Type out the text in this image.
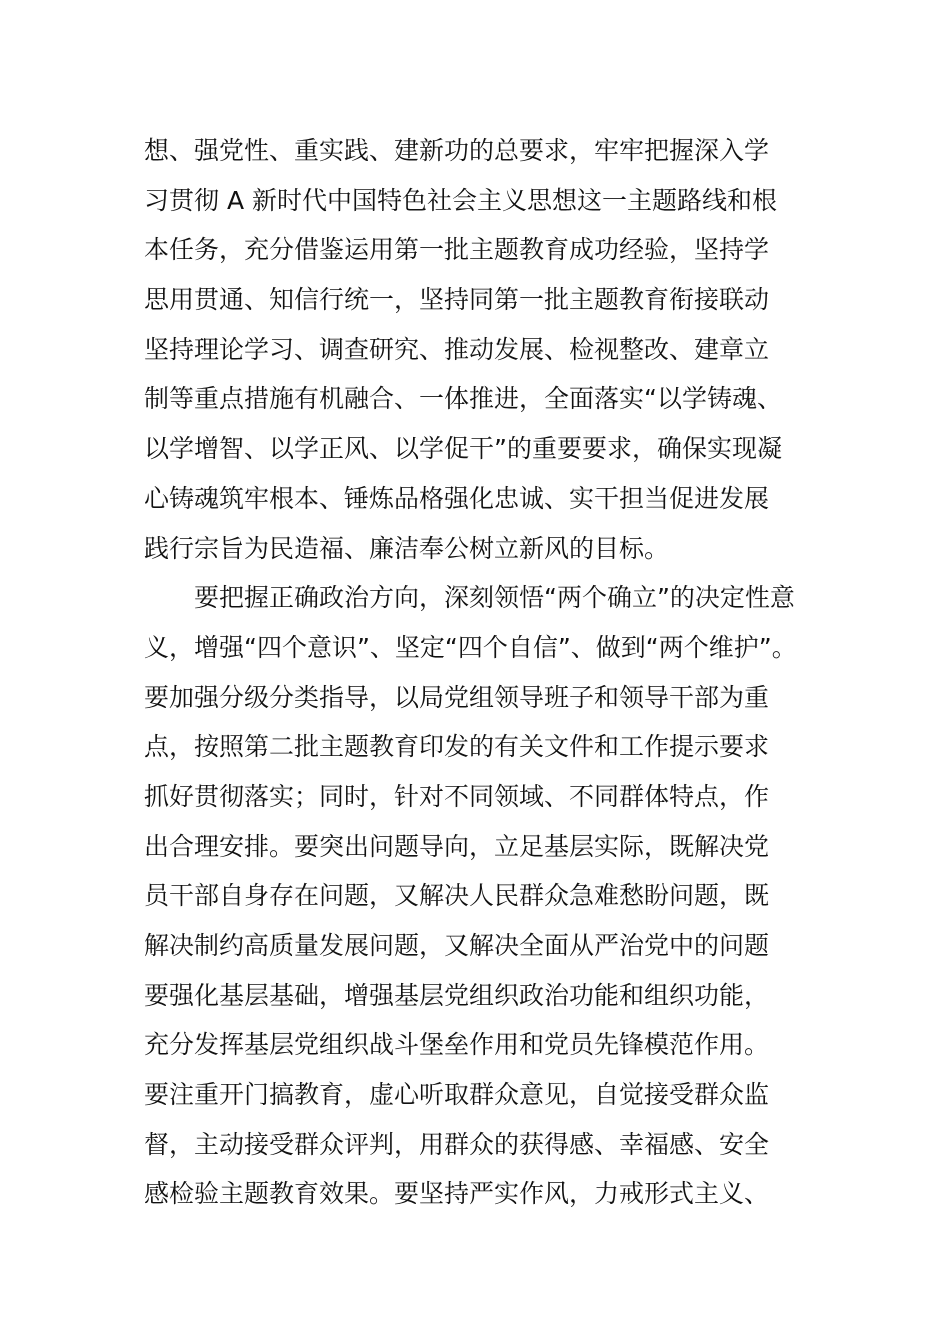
想、强党性、重实践、建新功的总要求，牢牢把握深入学
习贯彻 A 新时代中国特色社会主义思想这一主题路线和根
本任务，充分借鉴运用第一批主题教育成功经验，坚持学
思用贯通、知信行统一，坚持同第一批主题教育衔接联动
坚持理论学习、调查研究、推动发展、检视整改、建章立
制等重点措施有机融合、一体推进，全面落实“以学铸魂、
以学增智、以学正风、以学促干”的重要要求，确保实现凝
心铸魂筑牢根本、锤炼品格强化忠诚、实干担当促进发展
践行宗旨为民造福、廉洁奉公树立新风的目标。
要把握正确政治方向，深刻领悟“两个确立”的决定性意
义，增强“四个意识”、坚定“四个自信”、做到“两个维护”。
要加强分级分类指导，以局党组领导班子和领导干部为重
点，按照第二批主题教育印发的有关文件和工作提示要求
抓好贯彻落实；同时，针对不同领域、不同群体特点，作
出合理安排。要突出问题导向，立足基层实际，既解决党
员干部自身存在问题，又解决人民群众急难愁盼问题，既
解决制约高质量发展问题，又解决全面从严治党中的问题
要强化基层基础，增强基层党组织政治功能和组织功能，
充分发挥基层党组织战斗堡垒作用和党员先锋模范作用。
要注重开门搞教育，虚心听取群众意见，自觉接受群众监
督，主动接受群众评判，用群众的获得感、幸福感、安全
感检验主题教育效果。要坚持严实作风，力戒形式主义、
